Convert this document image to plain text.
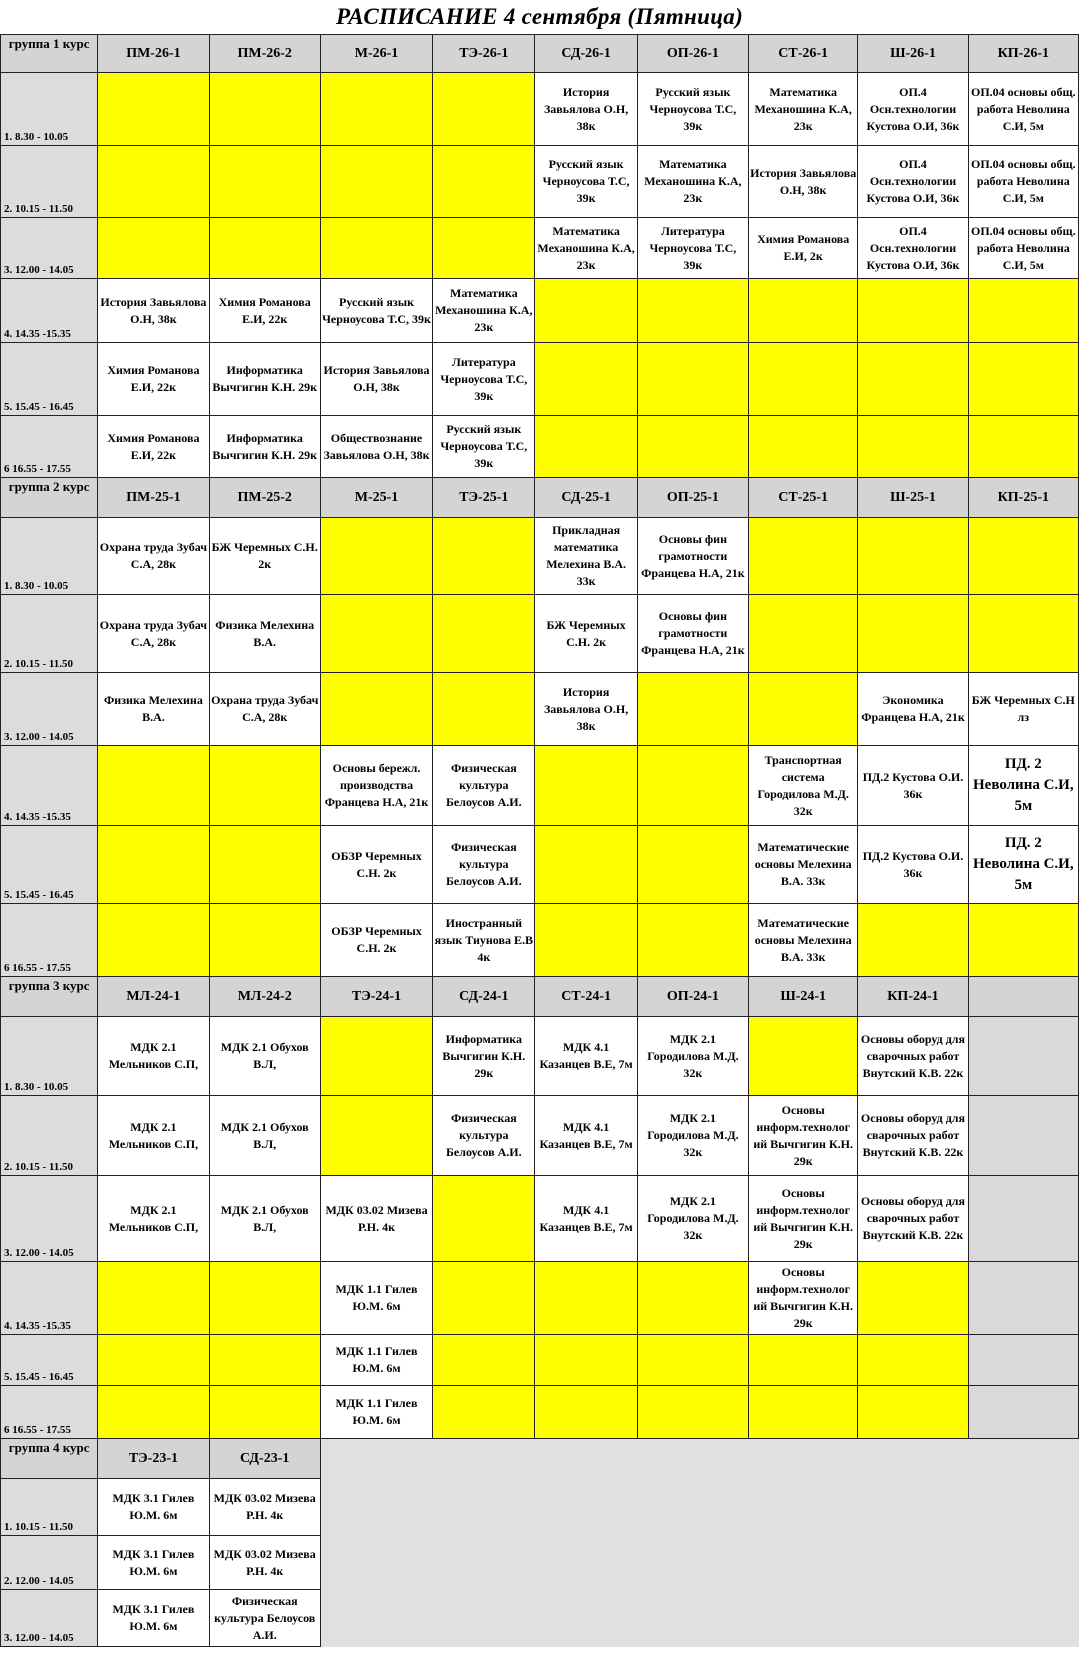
РАСПИСАНИЕ 4 сентября (Пятница)
группа 1 курс	ПМ-26-1	ПМ-26-2	М-26-1	ТЭ-26-1	СД-26-1	ОП-26-1	СТ-26-1	Ш-26-1	КП-26-1
1. 8.30 - 10.05					История Завьялова О.Н, 38к	Русский язык Черноусова Т.С, 39к	Математика Механошина К.А, 23к	ОП.4 Осн.технологии Кустова О.И, 36к	ОП.04 основы общ. работа Неволина С.И, 5м
2. 10.15 - 11.50					Русский язык Черноусова Т.С, 39к	Математика Механошина К.А, 23к	История Завьялова О.Н, 38к	ОП.4 Осн.технологии Кустова О.И, 36к	ОП.04 основы общ. работа Неволина С.И, 5м
3. 12.00 - 14.05					Математика Механошина К.А, 23к	Литература Черноусова Т.С, 39к	Химия Романова Е.И, 2к	ОП.4 Осн.технологии Кустова О.И, 36к	ОП.04 основы общ. работа Неволина С.И, 5м
4. 14.35 -15.35	История Завьялова О.Н, 38к	Химия Романова Е.И, 22к	Русский язык Черноусова Т.С, 39к	Математика Механошина К.А, 23к					
5. 15.45 - 16.45	Химия Романова Е.И, 22к	Информатика Вычгигин К.Н. 29к	История Завьялова О.Н, 38к	Литература Черноусова Т.С, 39к					
6 16.55 - 17.55	Химия Романова Е.И, 22к	Информатика Вычгигин К.Н. 29к	Обществознание Завьялова О.Н, 38к	Русский язык Черноусова Т.С, 39к					
группа 2 курс	ПМ-25-1	ПМ-25-2	М-25-1	ТЭ-25-1	СД-25-1	ОП-25-1	СТ-25-1	Ш-25-1	КП-25-1
1. 8.30 - 10.05	Охрана труда Зубач С.А, 28к	БЖ Черемных С.Н. 2к			Прикладная математика Мелехина В.А. 33к	Основы фин грамотности Францева Н.А, 21к			
2. 10.15 - 11.50	Охрана труда Зубач С.А, 28к	Физика Мелехина В.А.			БЖ Черемных С.Н. 2к	Основы фин грамотности Францева Н.А, 21к			
3. 12.00 - 14.05	Физика Мелехина В.А.	Охрана труда Зубач С.А, 28к			История Завьялова О.Н, 38к			Экономика Францева Н.А, 21к	БЖ Черемных С.Н лз
4. 14.35 -15.35			Основы бережл. производства Францева Н.А, 21к	Физическая культура Белоусов А.И.			Транспортная система Городилова М.Д. 32к	ПД.2 Кустова О.И. 36к	ПД. 2 Неволина С.И, 5м
5. 15.45 - 16.45			ОБЗР Черемных С.Н. 2к	Физическая культура Белоусов А.И.			Математические основы Мелехина В.А. 33к	ПД.2 Кустова О.И. 36к	ПД. 2 Неволина С.И, 5м
6 16.55 - 17.55			ОБЗР Черемных С.Н. 2к	Иностранный язык Тиунова Е.В 4к			Математические основы Мелехина В.А. 33к		
группа 3 курс	МЛ-24-1	МЛ-24-2	ТЭ-24-1	СД-24-1	СТ-24-1	ОП-24-1	Ш-24-1	КП-24-1	
1. 8.30 - 10.05	МДК 2.1 Мельников С.П,	МДК 2.1 Обухов В.Л,		Информатика Вычгигин К.Н. 29к	МДК 4.1 Казанцев В.Е, 7м	МДК 2.1 Городилова М.Д. 32к		Основы оборуд для сварочных работ Внутский К.В. 22к	
2. 10.15 - 11.50	МДК 2.1 Мельников С.П,	МДК 2.1 Обухов В.Л,		Физическая культура Белоусов А.И.	МДК 4.1 Казанцев В.Е, 7м	МДК 2.1 Городилова М.Д. 32к	Основы информ.технолог ий Вычгигин К.Н. 29к	Основы оборуд для сварочных работ Внутский К.В. 22к	
3. 12.00 - 14.05	МДК 2.1 Мельников С.П,	МДК 2.1 Обухов В.Л,	МДК 03.02 Мизева Р.Н. 4к		МДК 4.1 Казанцев В.Е, 7м	МДК 2.1 Городилова М.Д. 32к	Основы информ.технолог ий Вычгигин К.Н. 29к	Основы оборуд для сварочных работ Внутский К.В. 22к	
4. 14.35 -15.35			МДК 1.1 Гилев Ю.М. 6м				Основы информ.технолог ий Вычгигин К.Н. 29к		
5. 15.45 - 16.45			МДК 1.1 Гилев Ю.М. 6м						
6 16.55 - 17.55			МДК 1.1 Гилев Ю.М. 6м						
группа 4 курс	ТЭ-23-1	СД-23-1							
1. 10.15 - 11.50	МДК 3.1 Гилев Ю.М. 6м	МДК 03.02 Мизева Р.Н. 4к							
2. 12.00 - 14.05	МДК 3.1 Гилев Ю.М. 6м	МДК 03.02 Мизева Р.Н. 4к							
3. 12.00 - 14.05	МДК 3.1 Гилев Ю.М. 6м	Физическая культура Белоусов А.И.							
